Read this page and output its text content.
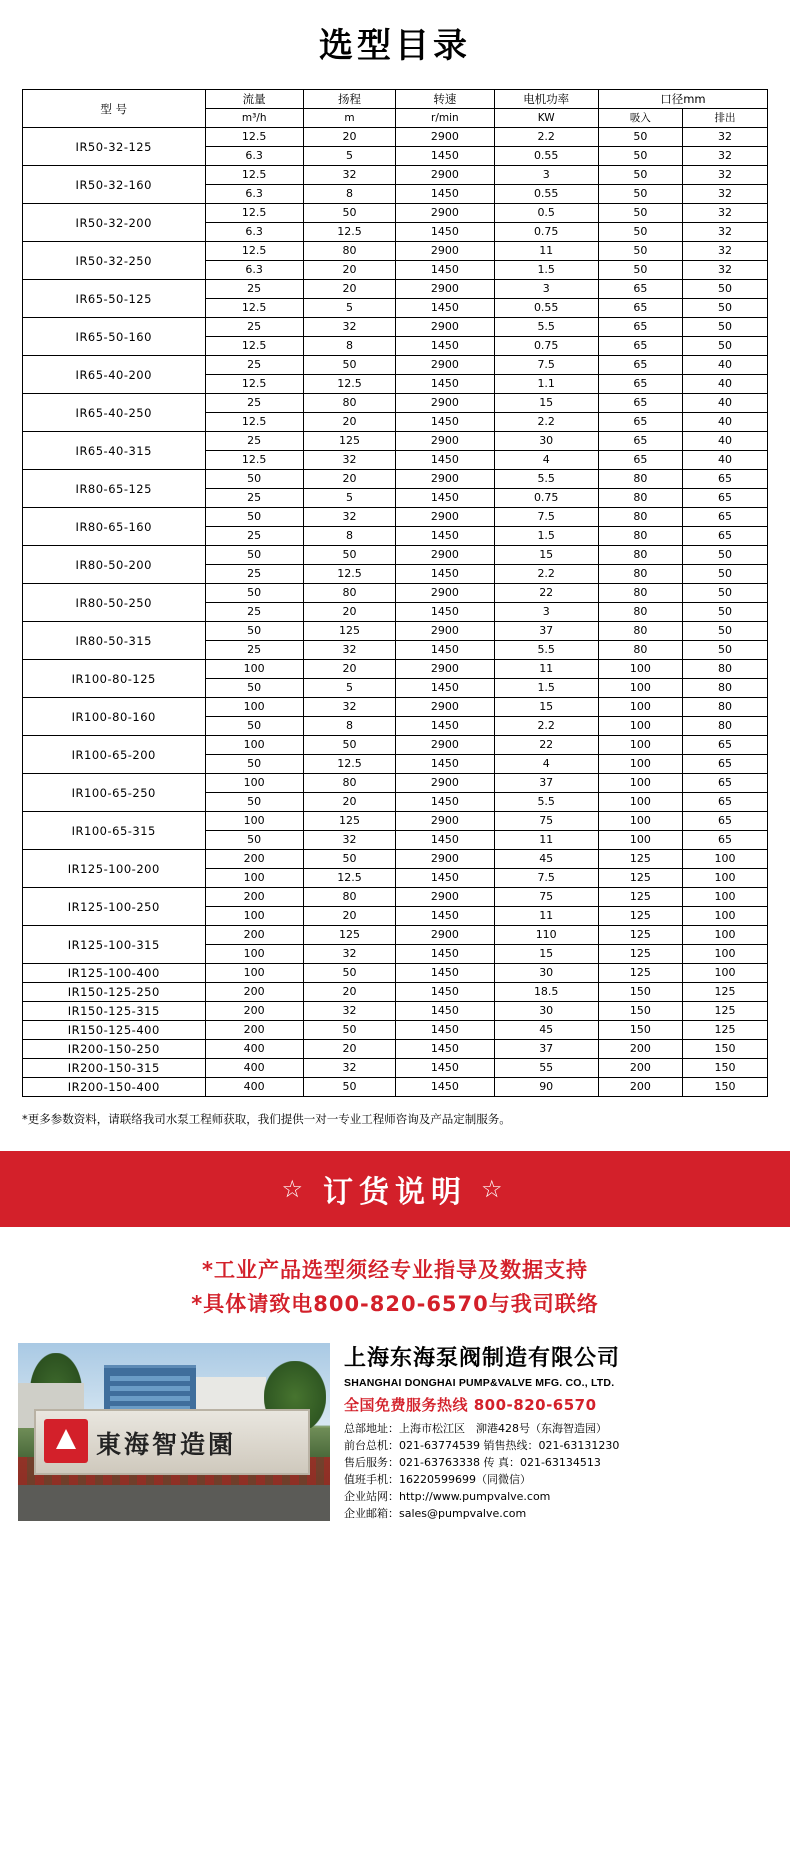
选型目录
型 号	流量	扬程	转速	电机功率	口径mm	
	m³/h	m	r/min	KW	吸入	排出
IR50-32-125	12.5	20	2900	2.2	50	32
	6.3	5	1450	0.55	50	32
IR50-32-160	12.5	32	2900	3	50	32
	6.3	8	1450	0.55	50	32
IR50-32-200	12.5	50	2900	0.5	50	32
	6.3	12.5	1450	0.75	50	32
IR50-32-250	12.5	80	2900	11	50	32
	6.3	20	1450	1.5	50	32
IR65-50-125	25	20	2900	3	65	50
	12.5	5	1450	0.55	65	50
IR65-50-160	25	32	2900	5.5	65	50
	12.5	8	1450	0.75	65	50
IR65-40-200	25	50	2900	7.5	65	40
	12.5	12.5	1450	1.1	65	40
IR65-40-250	25	80	2900	15	65	40
	12.5	20	1450	2.2	65	40
IR65-40-315	25	125	2900	30	65	40
	12.5	32	1450	4	65	40
IR80-65-125	50	20	2900	5.5	80	65
	25	5	1450	0.75	80	65
IR80-65-160	50	32	2900	7.5	80	65
	25	8	1450	1.5	80	65
IR80-50-200	50	50	2900	15	80	50
	25	12.5	1450	2.2	80	50
IR80-50-250	50	80	2900	22	80	50
	25	20	1450	3	80	50
IR80-50-315	50	125	2900	37	80	50
	25	32	1450	5.5	80	50
IR100-80-125	100	20	2900	11	100	80
	50	5	1450	1.5	100	80
IR100-80-160	100	32	2900	15	100	80
	50	8	1450	2.2	100	80
IR100-65-200	100	50	2900	22	100	65
	50	12.5	1450	4	100	65
IR100-65-250	100	80	2900	37	100	65
	50	20	1450	5.5	100	65
IR100-65-315	100	125	2900	75	100	65
	50	32	1450	11	100	65
IR125-100-200	200	50	2900	45	125	100
	100	12.5	1450	7.5	125	100
IR125-100-250	200	80	2900	75	125	100
	100	20	1450	11	125	100
IR125-100-315	200	125	2900	110	125	100
	100	32	1450	15	125	100
IR125-100-400	100	50	1450	30	125	100
IR150-125-250	200	20	1450	18.5	150	125
IR150-125-315	200	32	1450	30	150	125
IR150-125-400	200	50	1450	45	150	125
IR200-150-250	400	20	1450	37	200	150
IR200-150-315	400	32	1450	55	200	150
IR200-150-400	400	50	1450	90	200	150
*更多参数资料，请联络我司水泵工程师获取，我们提供一对一专业工程师咨询及产品定制服务。
☆ 订货说明 ☆
*工业产品选型须经专业指导及数据支持
*具体请致电800-820-6570与我司联络
東海智造園
上海东海泵阀制造有限公司
SHANGHAI DONGHAI PUMP&VALVE MFG. CO., LTD.
全国免费服务热线 800-820-6570
总部地址：上海市松江区　泖港428号（东海智造园）
前台总机：021-63774539 销售热线：021-63131230
售后服务：021-63763338 传 真：021-63134513
值班手机：16220599699（同微信）
企业站网：http://www.pumpvalve.com
企业邮箱：sales@pumpvalve.com
